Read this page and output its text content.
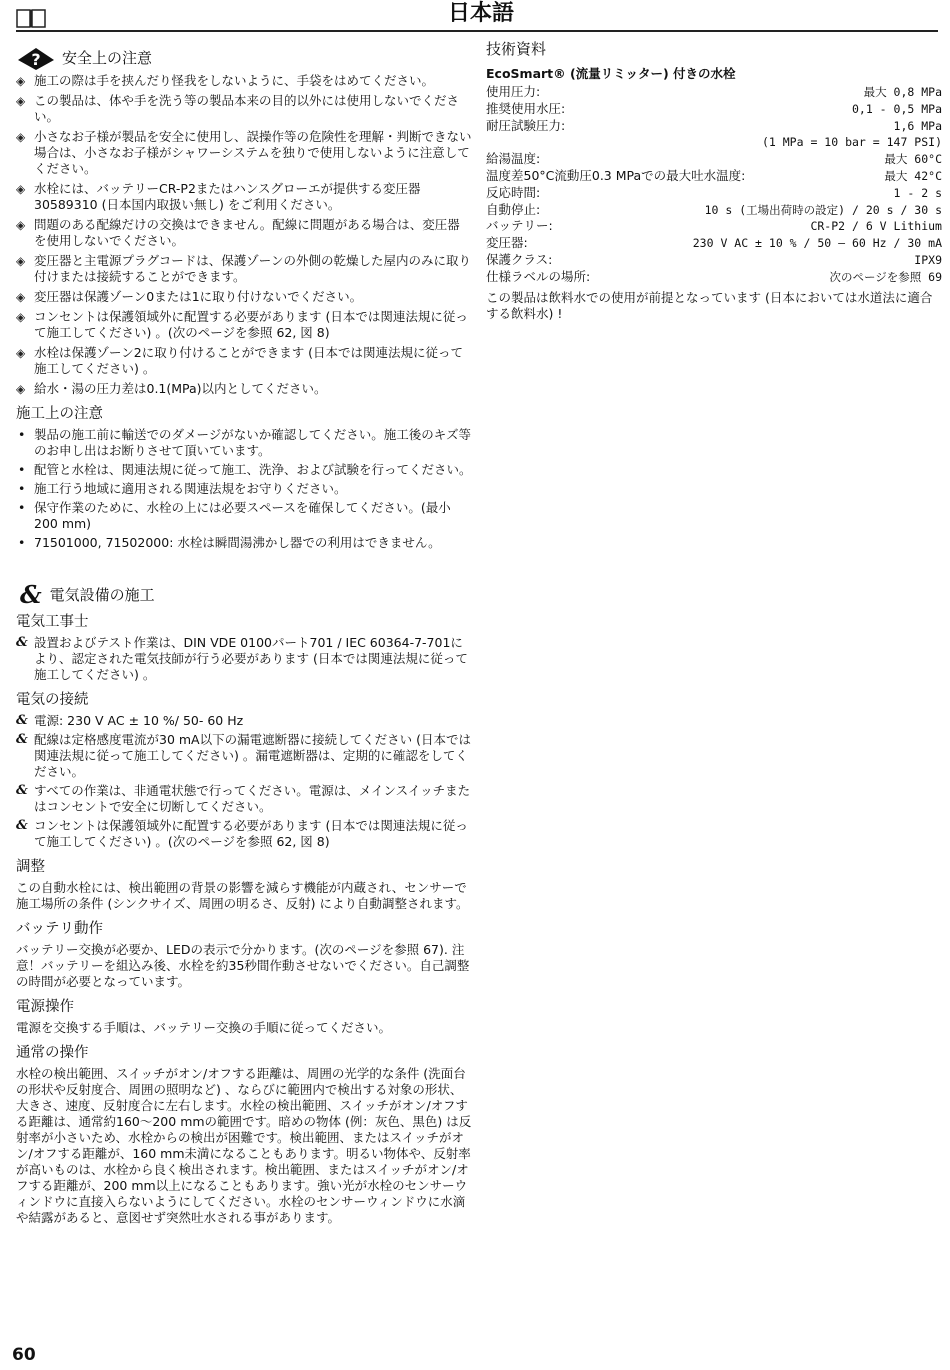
日本語
? 安全上の注意
◈ 施工の際は手を挟んだり怪我をしないように、手袋をはめてください。
◈ この製品は、体や手を洗う等の製品本来の目的以外には使用しないでください。
◈ 小さなお子様が製品を安全に使用し、誤操作等の危険性を理解・判断できない場合は、小さなお子様がシャワーシステムを独りで使用しないように注意してください。
◈ 水栓には、バッテリーCR-P2またはハンスグローエが提供する変圧器 30589310 (日本国内取扱い無し) をご利用ください。
◈ 問題のある配線だけの交換はできません。配線に問題がある場合は、変圧器を使用しないでください。
◈ 変圧器と主電源プラグコードは、保護ゾーンの外側の乾燥した屋内のみに取り付けまたは接続することができます。
◈ 変圧器は保護ゾーン0または1に取り付けないでください。
◈ コンセントは保護領域外に配置する必要があります (日本では関連法規に従って施工してください) 。(次のページを参照 62, 図 8)
◈ 水栓は保護ゾーン2に取り付けることができます (日本では関連法規に従って施工してください) 。
◈ 給水・湯の圧力差は0.1(MPa)以内としてください。
施工上の注意
• 製品の施工前に輸送でのダメージがないか確認してください。施工後のキズ等のお申し出はお断りさせて頂いています。
• 配管と水栓は、関連法規に従って施工、洗浄、および試験を行ってください。
• 施工行う地域に適用される関連法規をお守りください。
• 保守作業のために、水栓の上には必要スペースを確保してください。(最小 200 mm)
• 71501000, 71502000: 水栓は瞬間湯沸かし器での利用はできません。
& 電気設備の施工
電気工事士
& 設置およびテスト作業は、DIN VDE 0100パート701 / IEC 60364-7-701により、認定された電気技師が行う必要があります (日本では関連法規に従って施工してください) 。
電気の接続
& 電源: 230 V AC ± 10 %/ 50- 60 Hz
& 配線は定格感度電流が30 mA以下の漏電遮断器に接続してください (日本では関連法規に従って施工してください) 。漏電遮断器は、定期的に確認をしてください。
& すべての作業は、非通電状態で行ってください。電源は、メインスイッチまたはコンセントで安全に切断してください。
& コンセントは保護領域外に配置する必要があります (日本では関連法規に従って施工してください) 。(次のページを参照 62, 図 8)
調整
この自動水栓には、検出範囲の背景の影響を減らす機能が内蔵され、センサーで施工場所の条件 (シンクサイズ、周囲の明るさ、反射) により自動調整されます。
バッテリ動作
バッテリー交換が必要か、LEDの表示で分かります。(次のページを参照 67). 注意！バッテリーを組込み後、水栓を約35秒間作動させないでください。自己調整の時間が必要となっています。
電源操作
電源を交換する手順は、バッテリー交換の手順に従ってください。
通常の操作
水栓の検出範囲、スイッチがオン/オフする距離は、周囲の光学的な条件 (洗面台の形状や反射度合、周囲の照明など) 、ならびに範囲内で検出する対象の形状、大きさ、速度、反射度合に左右します。水栓の検出範囲、スイッチがオン/オフする距離は、通常約160～200 mmの範囲です。暗めの物体 (例：灰色、黒色) は反射率が小さいため、水栓からの検出が困難です。検出範囲、またはスイッチがオン/オフする距離が、160 mm未満になることもあります。明るい物体や、反射率が高いものは、水栓から良く検出されます。検出範囲、またはスイッチがオン/オフする距離が、200 mm以上になることもあります。強い光が水栓のセンサーウィンドウに直接入らないようにしてください。水栓のセンサーウィンドウに水滴や結露があると、意図せず突然吐水される事があります。
技術資料
EcoSmart® (流量リミッター) 付きの水栓
使用圧力:	最大 0,8 MPa
推奨使用水圧:	0,1 - 0,5 MPa
耐圧試験圧力:	1,6 MPa
(1 MPa = 10 bar = 147 PSI)
給湯温度:	最大 60°C
温度差50°C流動圧0.3 MPaでの最大吐水温度:	最大 42°C
反応時間:	1 - 2 s
自動停止:	10 s (工場出荷時の設定) / 20 s / 30 s
バッテリー:	CR-P2 / 6 V Lithium
変圧器:	230 V AC ± 10 % / 50 – 60 Hz / 30 mA
保護クラス:	IPX9
仕様ラベルの場所:	次のページを参照 69
この製品は飲料水での使用が前提となっています (日本においては水道法に適合する飲料水) !
60
